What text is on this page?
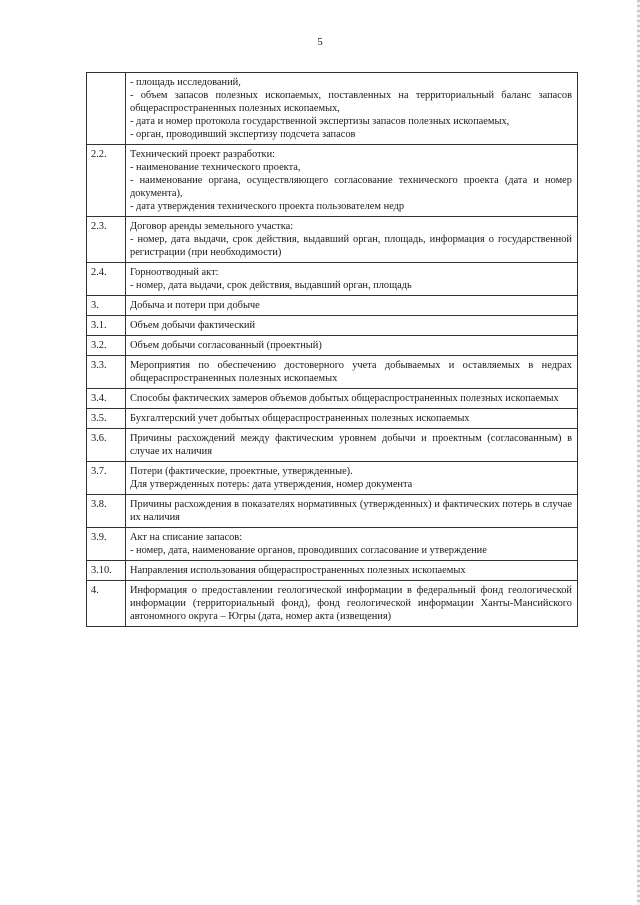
5

	- площадь исследований,
- объем запасов полезных ископаемых, поставленных на территориальный баланс запасов общераспространенных полезных ископаемых,
- дата и номер протокола государственной экспертизы запасов полезных ископаемых,
- орган, проводивший экспертизу подсчета запасов

2.2.	Технический проект разработки:
- наименование технического проекта,
- наименование органа, осуществляющего согласование технического проекта (дата и номер документа),
- дата утверждения технического проекта пользователем недр

2.3.	Договор аренды земельного участка:
- номер, дата выдачи, срок действия, выдавший орган, площадь, информация о государственной регистрации (при необходимости)

2.4.	Горноотводный акт:
- номер, дата выдачи, срок действия, выдавший орган, площадь

3.	Добыча и потери при добыче

3.1.	Объем добычи фактический

3.2.	Объем добычи согласованный (проектный)

3.3.	Мероприятия по обеспечению достоверного учета добываемых и оставляемых в недрах общераспространенных полезных ископаемых

3.4.	Способы фактических замеров объемов добытых общераспространенных полезных ископаемых

3.5.	Бухгалтерский учет добытых общераспространенных полезных ископаемых

3.6.	Причины расхождений между фактическим уровнем добычи и проектным (согласованным) в случае их наличия

3.7.	Потери (фактические, проектные, утвержденные).
Для утвержденных потерь: дата утверждения, номер документа

3.8.	Причины расхождения в показателях нормативных (утвержденных) и фактических потерь в случае их наличия

3.9.	Акт на списание запасов:
- номер, дата, наименование органов, проводивших согласование и утверждение

3.10.	Направления использования общераспространенных полезных ископаемых

4.	Информация о предоставлении геологической информации в федеральный фонд геологической информации (территориальный фонд), фонд геологической информации Ханты-Мансийского автономного округа – Югры (дата, номер акта (извещения)
